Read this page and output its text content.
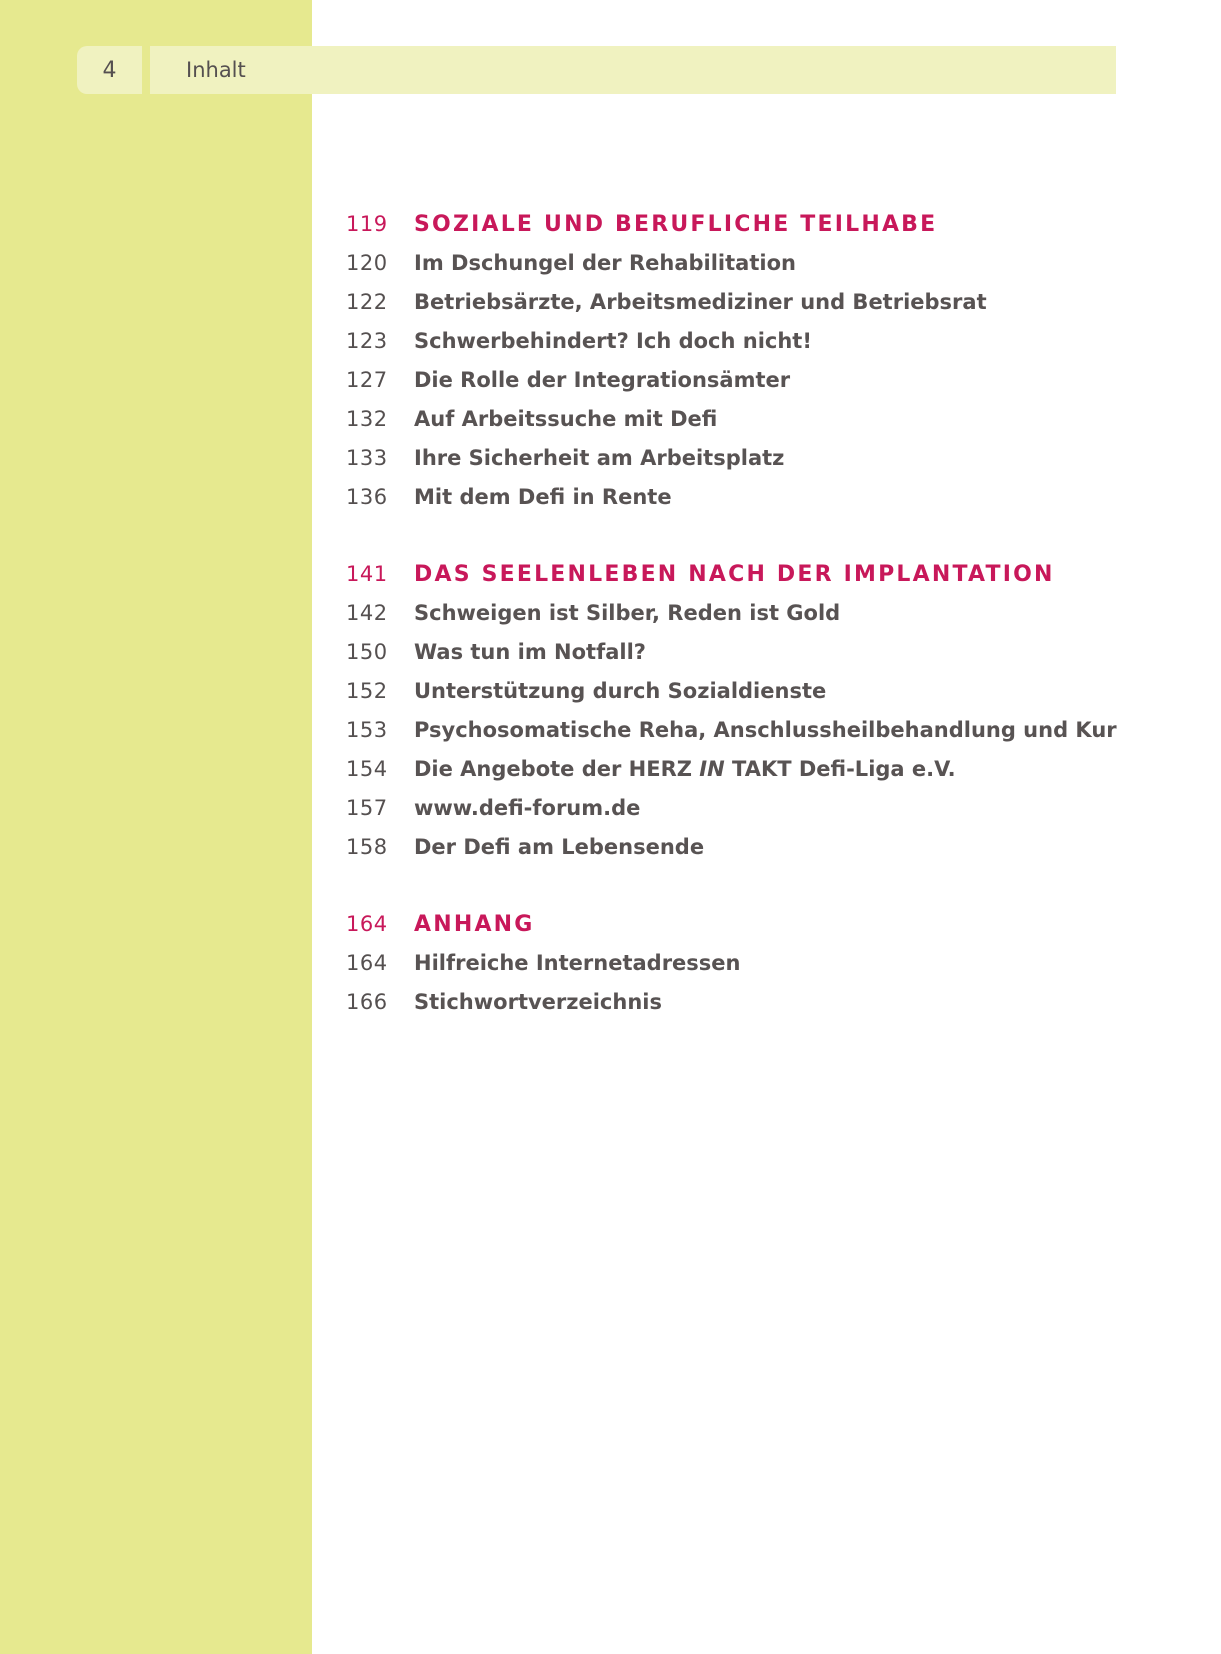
4	Inhalt
119	SOZIALE UND BERUFLICHE TEILHABE
120	Im Dschungel der Rehabilitation
122	Betriebsärzte, Arbeitsmediziner und Betriebsrat
123	Schwerbehindert? Ich doch nicht!
127	Die Rolle der Integrationsämter
132	Auf Arbeitssuche mit Defi
133	Ihre Sicherheit am Arbeitsplatz
136	Mit dem Defi in Rente
141	DAS SEELENLEBEN NACH DER IMPLANTATION
142	Schweigen ist Silber, Reden ist Gold
150	Was tun im Notfall?
152	Unterstützung durch Sozialdienste
153	Psychosomatische Reha, Anschlussheilbehandlung und Kur
154	Die Angebote der HERZ IN TAKT Defi-Liga e.V.
157	www.defi-forum.de
158	Der Defi am Lebensende
164	ANHANG
164	Hilfreiche Internetadressen
166	Stichwortverzeichnis
